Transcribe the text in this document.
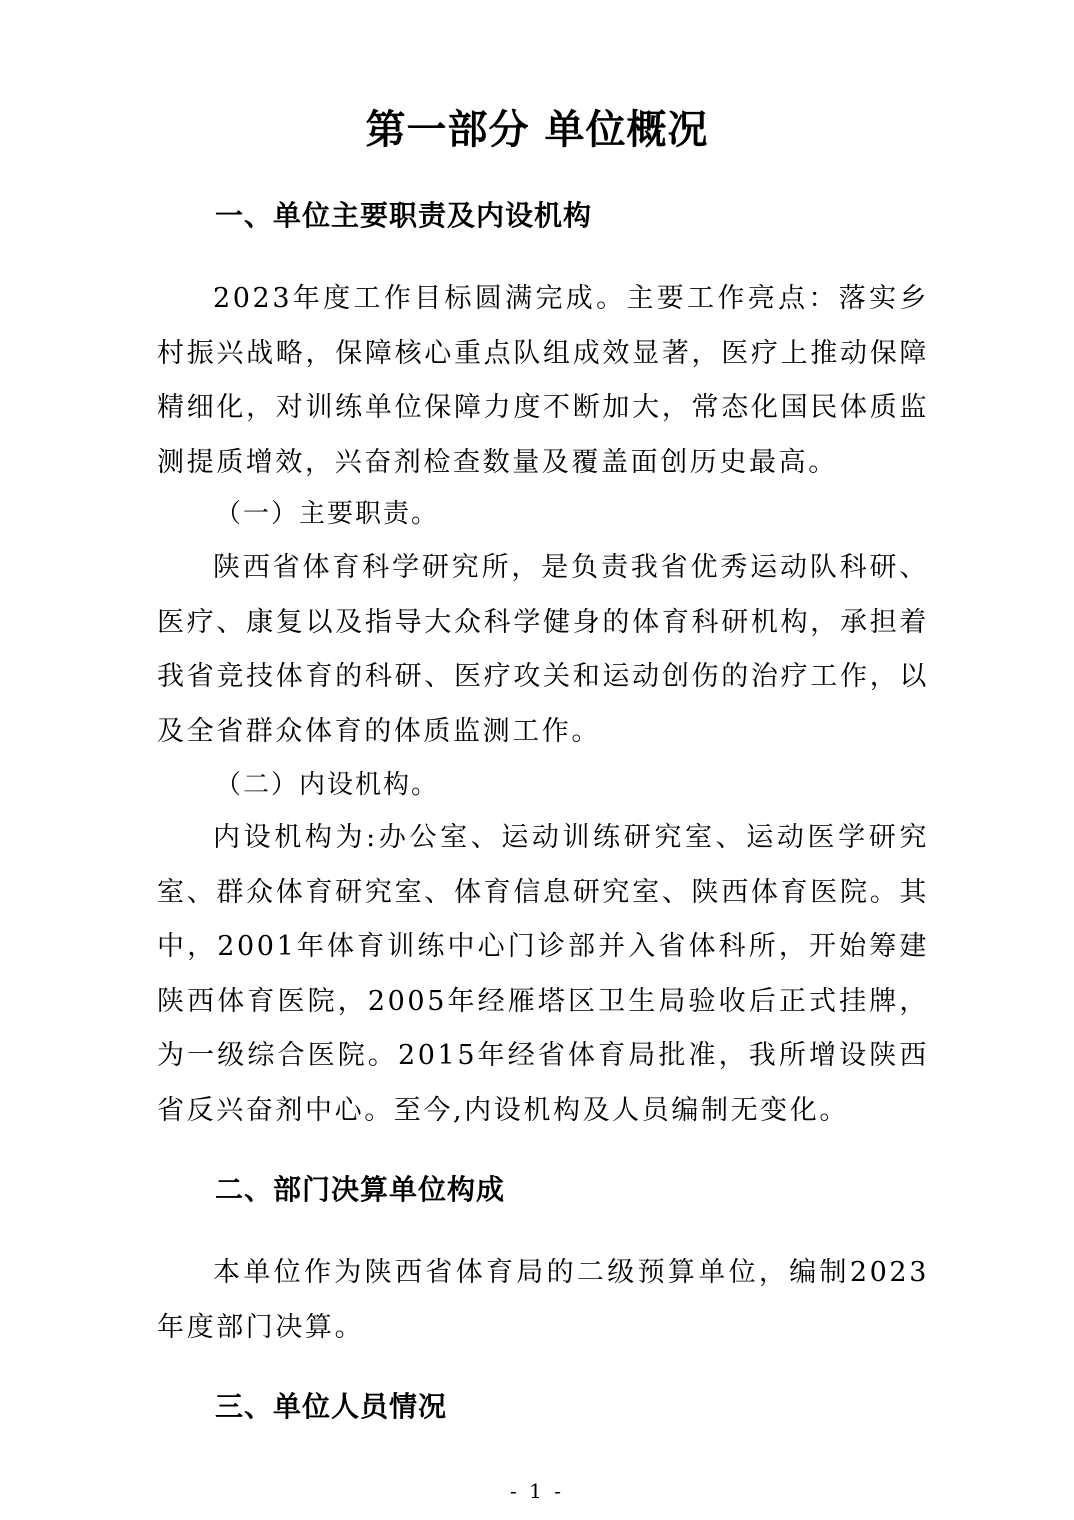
第一部分 单位概况
一、单位主要职责及内设机构
2023年度工作目标圆满完成。主要工作亮点：落实乡村振兴战略，保障核心重点队组成效显著，医疗上推动保障精细化，对训练单位保障力度不断加大，常态化国民体质监测提质增效，兴奋剂检查数量及覆盖面创历史最高。
（一）主要职责。
陕西省体育科学研究所，是负责我省优秀运动队科研、医疗、康复以及指导大众科学健身的体育科研机构，承担着我省竞技体育的科研、医疗攻关和运动创伤的治疗工作，以及全省群众体育的体质监测工作。
（二）内设机构。
内设机构为:办公室、运动训练研究室、运动医学研究室、群众体育研究室、体育信息研究室、陕西体育医院。其中，2001年体育训练中心门诊部并入省体科所，开始筹建陕西体育医院，2005年经雁塔区卫生局验收后正式挂牌，为一级综合医院。2015年经省体育局批准，我所增设陕西省反兴奋剂中心。至今,内设机构及人员编制无变化。
二、部门决算单位构成
本单位作为陕西省体育局的二级预算单位，编制2023年度部门决算。
三、单位人员情况
- 1 -
